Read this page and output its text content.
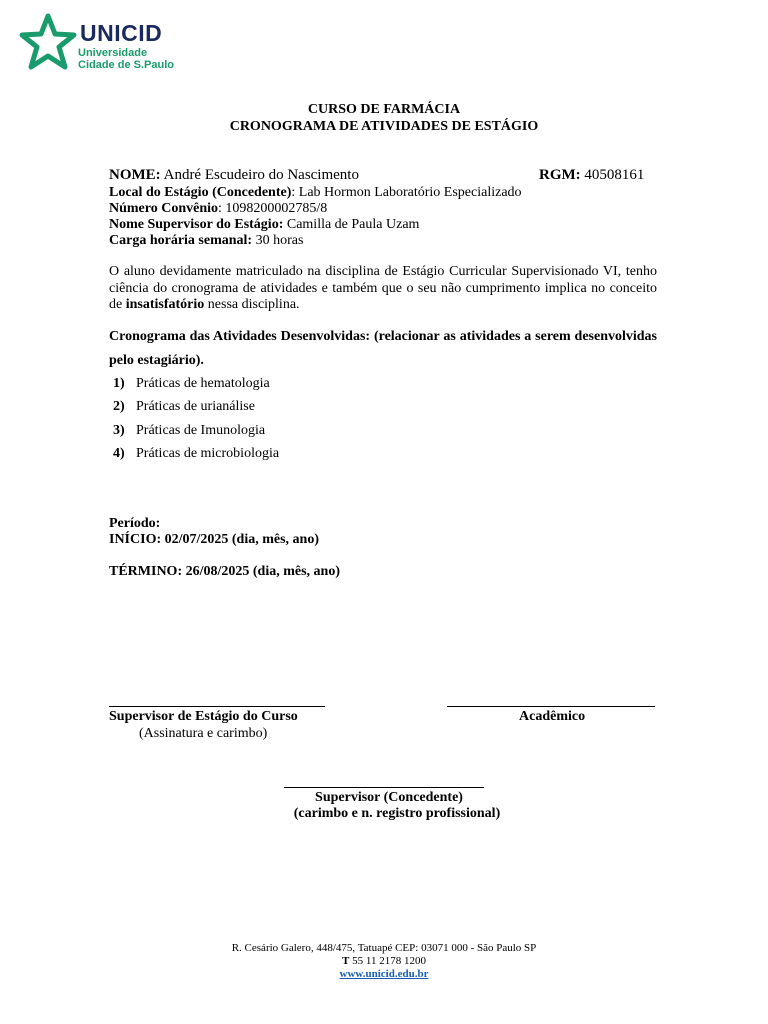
UNICID
Universidade
Cidade de S.Paulo
CURSO DE FARMÁCIA
CRONOGRAMA DE ATIVIDADES DE ESTÁGIO
NOME: André Escudeiro do Nascimento	RGM: 40508161
Local do Estágio (Concedente): Lab Hormon Laboratório Especializado
Número Convênio: 1098200002785/8
Nome Supervisor do Estágio: Camilla de Paula Uzam
Carga horária semanal: 30 horas
O aluno devidamente matriculado na disciplina de Estágio Curricular Supervisionado VI, tenho ciência do cronograma de atividades e também que o seu não cumprimento implica no conceito de insatisfatório nessa disciplina.
Cronograma das Atividades Desenvolvidas: (relacionar as atividades a serem desenvolvidas pelo estagiário).
1) Práticas de hematologia
2) Práticas de urianálise
3) Práticas de Imunologia
4) Práticas de microbiologia
Período:
INÍCIO: 02/07/2025 (dia, mês, ano)
TÉRMINO: 26/08/2025 (dia, mês, ano)
Supervisor de Estágio do Curso
(Assinatura e carimbo)
Acadêmico
Supervisor (Concedente)
(carimbo e n. registro profissional)
R. Cesário Galero, 448/475, Tatuapé CEP: 03071 000 - São Paulo SP
T 55 11 2178 1200
www.unicid.edu.br
